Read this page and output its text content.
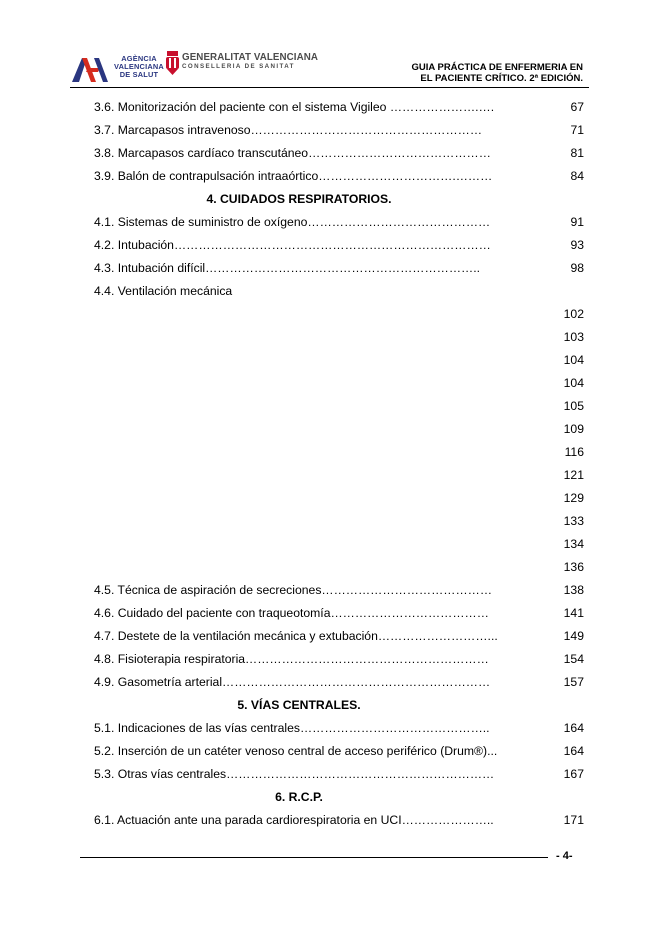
AGÈNCIA
VALENCIANA
DE SALUT
GENERALITAT VALENCIANA
CONSELLERIA DE SANITAT	GUIA PRÁCTICA DE ENFERMERIA EN
EL PACIENTE CRÍTICO. 2ª EDICIÓN.
3.6. Monitorización del paciente con el sistema Vigileo ………………….….	67
3.7. Marcapasos intravenoso…………………………………………………	71
3.8. Marcapasos cardíaco transcutáneo………………………………………	81
3.9. Balón de contrapulsación intraaórtico…………………………….………	84
4. CUIDADOS RESPIRATORIOS.
4.1. Sistemas de suministro de oxígeno………………………………………	91
4.2. Intubación……………………………………………………………………	93
4.3. Intubación difícil…………………………………………………………..	98
4.4. Ventilación mecánica
102
103
104
104
105
109
116
121
129
133
134
136
4.5. Técnica de aspiración de secreciones……………………………………	138
4.6. Cuidado del paciente con traqueotomía…………………………………	141
4.7. Destete de la ventilación mecánica y extubación………………………...	149
4.8. Fisioterapia respiratoria……………………………………………………	154
4.9. Gasometría arterial…………………………………………………………	157
5. VÍAS CENTRALES.
5.1. Indicaciones de las vías centrales………………………………………..	164
5.2. Inserción de un catéter venoso central de acceso periférico (Drum®)...	164
5.3. Otras vías centrales…………………………………………………………	167
6. R.C.P.
6.1. Actuación ante una parada cardiorespiratoria en UCI…………………..	171
- 4-
